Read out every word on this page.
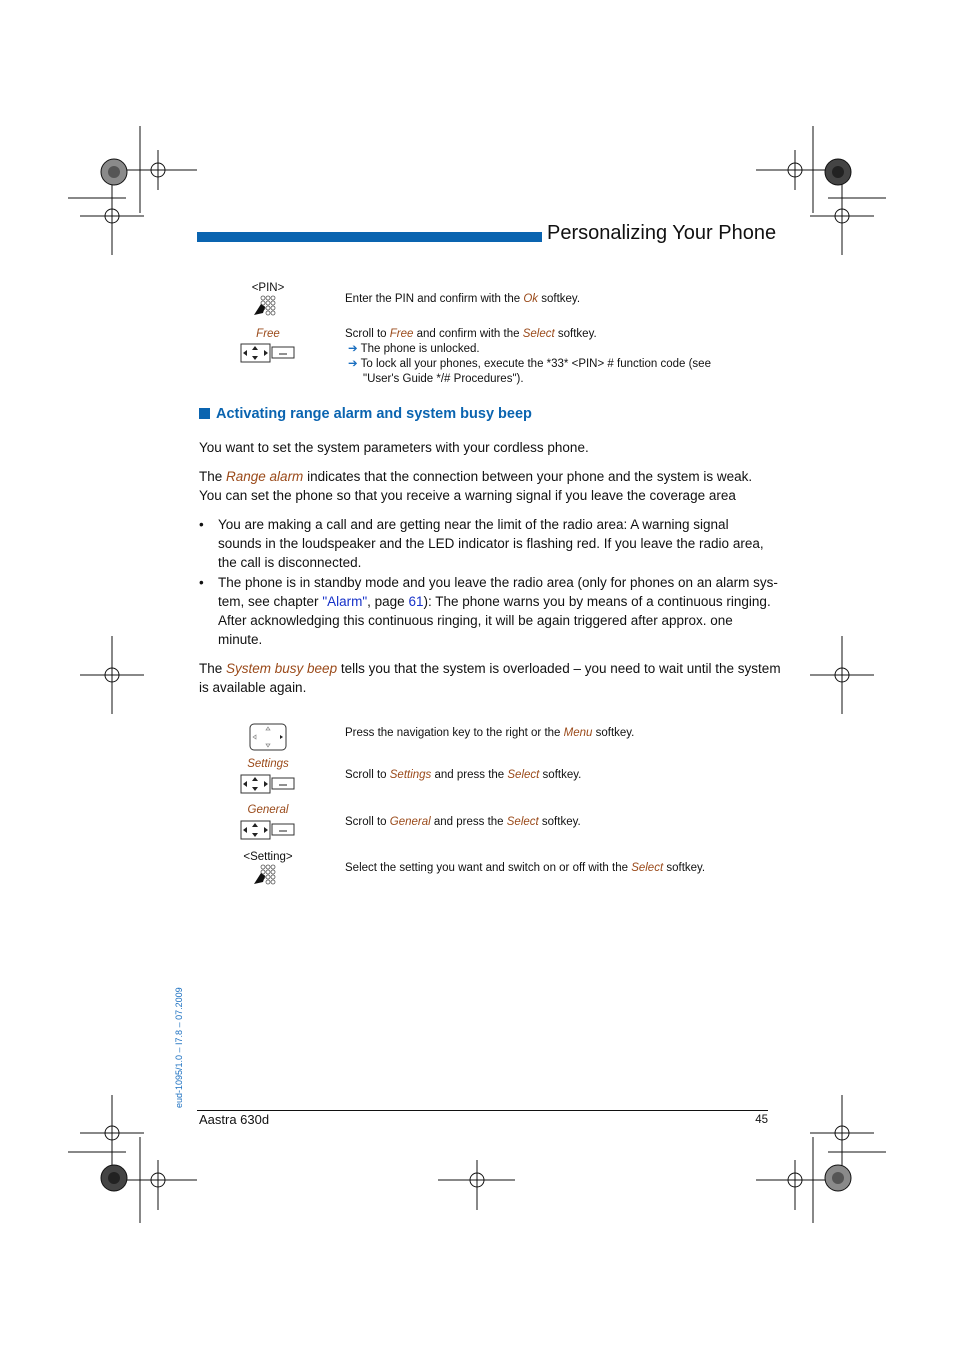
Personalizing Your Phone
<PIN>
Enter the PIN and confirm with the Ok softkey.
Free	Scroll to Free and confirm with the Select softkey.
➔ The phone is unlocked.
➔ To lock all your phones, execute the *33* <PIN> # function code (see
"User's Guide */# Procedures").
Activating range alarm and system busy beep
You want to set the system parameters with your cordless phone.
The Range alarm indicates that the connection between your phone and the system is weak.
You can set the phone so that you receive a warning signal if you leave the coverage area
• You are making a call and are getting near the limit of the radio area: A warning signal
sounds in the loudspeaker and the LED indicator is flashing red. If you leave the radio area,
the call is disconnected.
• The phone is in standby mode and you leave the radio area (only for phones on an alarm sys-
tem, see chapter "Alarm", page 61): The phone warns you by means of a continuous ringing.
After acknowledging this continuous ringing, it will be again triggered after approx. one
minute.
The System busy beep tells you that the system is overloaded – you need to wait until the system
is available again.
Press the navigation key to the right or the Menu softkey.
Settings
Scroll to Settings and press the Select softkey.
General
Scroll to General and press the Select softkey.
<Setting>
Select the setting you want and switch on or off with the Select softkey.
eud-1095/1.0 – I7.8 – 07.2009
Aastra 630d	45
